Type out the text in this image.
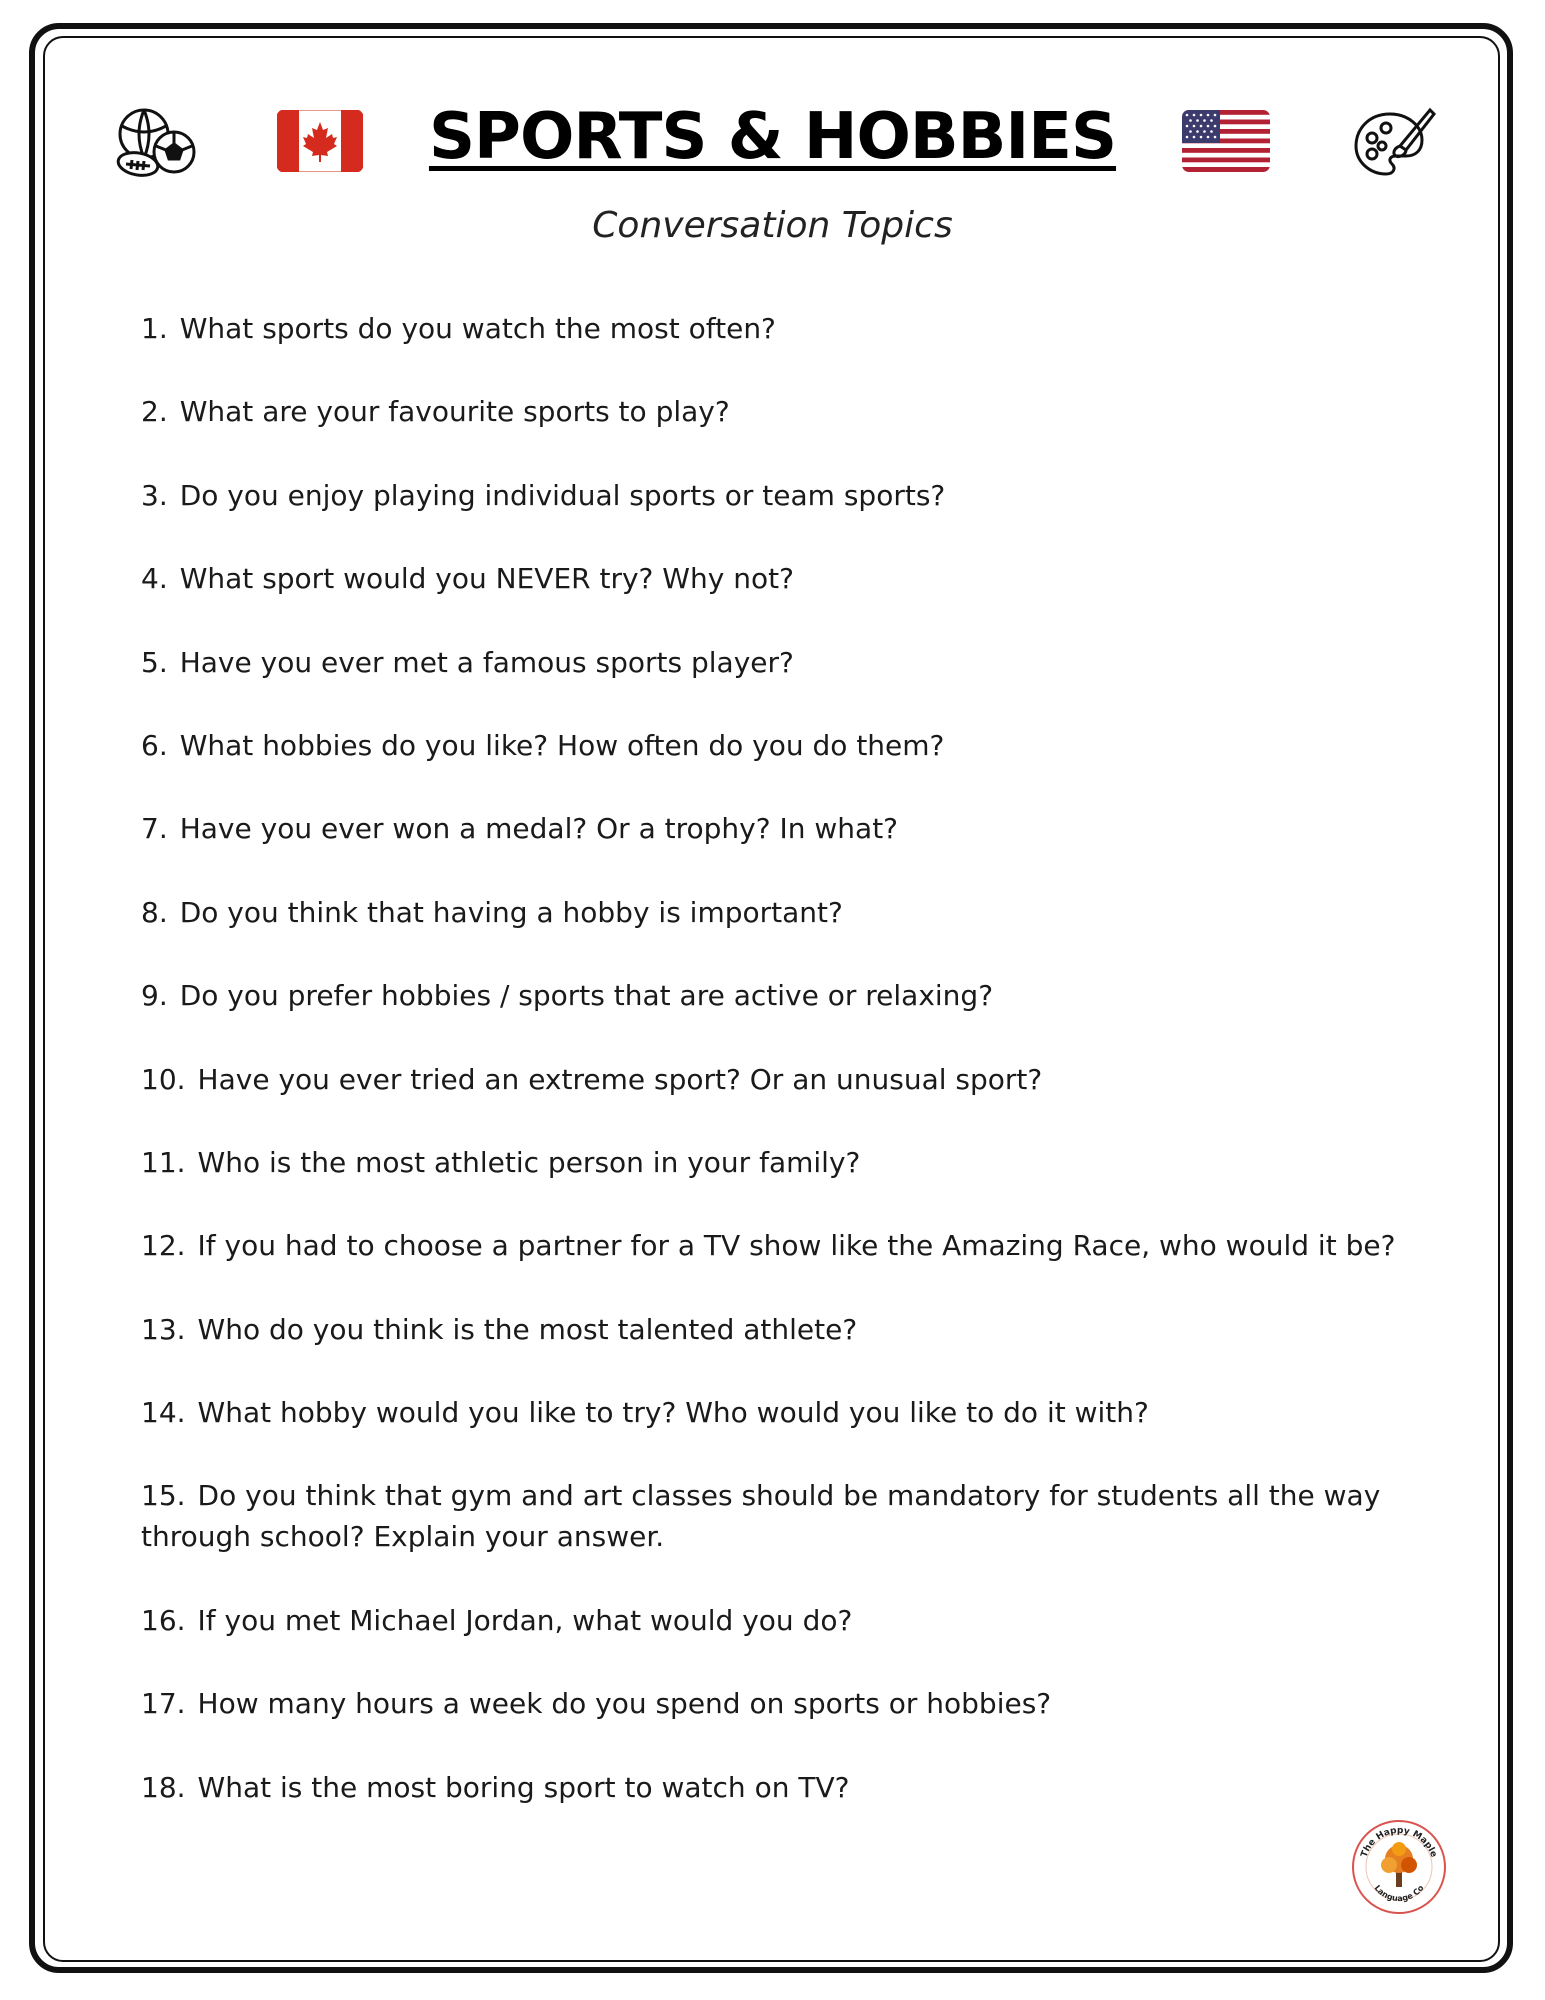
SPORTS & HOBBIES
Conversation Topics
1. What sports do you watch the most often?
2. What are your favourite sports to play?
3. Do you enjoy playing individual sports or team sports?
4. What sport would you NEVER try? Why not?
5. Have you ever met a famous sports player?
6. What hobbies do you like? How often do you do them?
7. Have you ever won a medal? Or a trophy? In what?
8. Do you think that having a hobby is important?
9. Do you prefer hobbies / sports that are active or relaxing?
10. Have you ever tried an extreme sport? Or an unusual sport?
11. Who is the most athletic person in your family?
12. If you had to choose a partner for a TV show like the Amazing Race, who would it be?
13. Who do you think is the most talented athlete?
14. What hobby would you like to try? Who would you like to do it with?
15. Do you think that gym and art classes should be mandatory for students all the way through school? Explain your answer.
16. If you met Michael Jordan, what would you do?
17. How many hours a week do you spend on sports or hobbies?
18. What is the most boring sport to watch on TV?
The Happy Maple
Language Co
